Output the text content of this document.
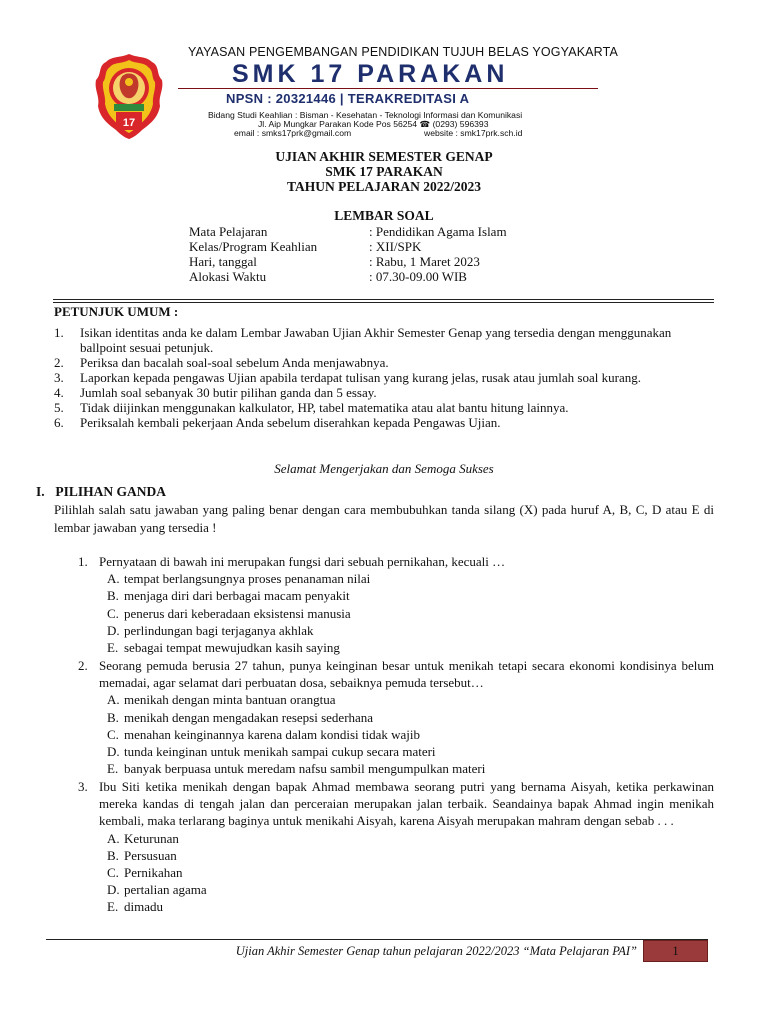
17
YAYASAN PENGEMBANGAN PENDIDIKAN TUJUH BELAS YOGYAKARTA
SMK 17 PARAKAN
NPSN : 20321446 | TERAKREDITASI A
Bidang Studi Keahlian : Bisman - Kesehatan - Teknologi Informasi dan Komunikasi
Jl. Aip Mungkar Parakan Kode Pos 56254 ☎ (0293) 596393
email : smks17prk@gmail.com	website : smk17prk.sch.id
UJIAN AKHIR SEMESTER GENAP
SMK 17 PARAKAN
TAHUN PELAJARAN 2022/2023
LEMBAR SOAL
Mata Pelajaran	: Pendidikan Agama Islam
Kelas/Program Keahlian	: XII/SPK
Hari, tanggal	: Rabu, 1 Maret 2023
Alokasi Waktu	: 07.30-09.00 WIB
PETUNJUK UMUM :
1. Isikan identitas anda ke dalam Lembar Jawaban Ujian Akhir Semester Genap yang tersedia dengan menggunakan ballpoint sesuai petunjuk.
2. Periksa dan bacalah soal-soal sebelum Anda menjawabnya.
3. Laporkan kepada pengawas Ujian apabila terdapat tulisan yang kurang jelas, rusak atau jumlah soal kurang.
4. Jumlah soal sebanyak 30 butir pilihan ganda dan 5 essay.
5. Tidak diijinkan menggunakan kalkulator, HP, tabel matematika atau alat bantu hitung lainnya.
6. Periksalah kembali pekerjaan Anda sebelum diserahkan kepada Pengawas Ujian.
Selamat Mengerjakan dan Semoga Sukses
I. PILIHAN GANDA
Pilihlah salah satu jawaban yang paling benar dengan cara membubuhkan tanda silang (X) pada huruf A, B, C, D atau E di lembar jawaban yang tersedia !
1. Pernyataan di bawah ini merupakan fungsi dari sebuah pernikahan, kecuali …
A. tempat berlangsungnya proses penanaman nilai
B. menjaga diri dari berbagai macam penyakit
C. penerus dari keberadaan eksistensi manusia
D. perlindungan bagi terjaganya akhlak
E. sebagai tempat mewujudkan kasih saying
2. Seorang pemuda berusia 27 tahun, punya keinginan besar untuk menikah tetapi secara ekonomi kondisinya belum memadai, agar selamat dari perbuatan dosa, sebaiknya pemuda tersebut…
A. menikah dengan minta bantuan orangtua
B. menikah dengan mengadakan resepsi sederhana
C. menahan keinginannya karena dalam kondisi tidak wajib
D. tunda keinginan untuk menikah sampai cukup secara materi
E. banyak berpuasa untuk meredam nafsu sambil mengumpulkan materi
3. Ibu Siti ketika menikah dengan bapak Ahmad membawa seorang putri yang bernama Aisyah, ketika perkawinan mereka kandas di tengah jalan dan perceraian merupakan jalan terbaik. Seandainya bapak Ahmad ingin menikah kembali, maka terlarang baginya untuk menikahi Aisyah, karena Aisyah merupakan mahram dengan sebab . . .
A. Keturunan
B. Persusuan
C. Pernikahan
D. pertalian agama
E. dimadu
Ujian Akhir Semester Genap tahun pelajaran 2022/2023 “Mata Pelajaran PAI”	1
